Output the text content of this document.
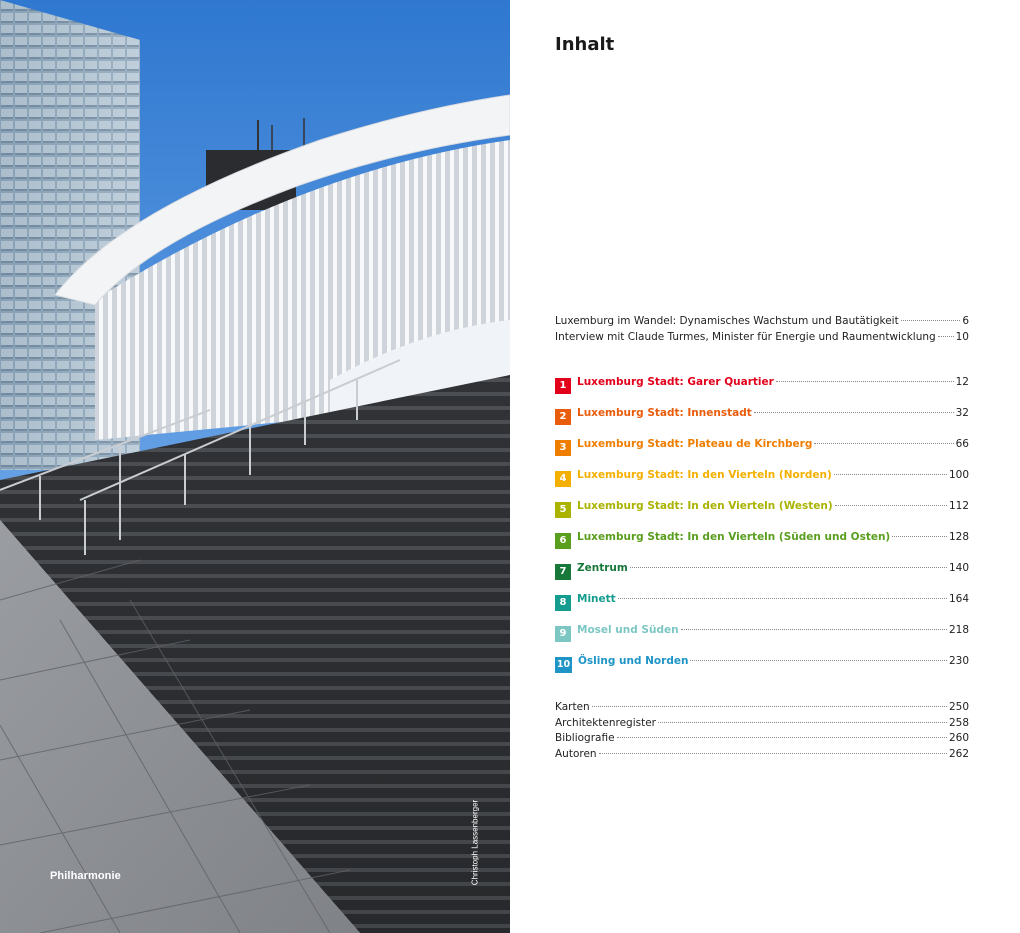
Philharmonie	Christoph Lassenberger
Inhalt
Luxemburg im Wandel: Dynamisches Wachstum und Bautätigkeit	6
Interview mit Claude Turmes, Minister für Energie und Raumentwicklung 10
1	Luxemburg Stadt: Garer Quartier	12
2	Luxemburg Stadt: Innenstadt	32
3	Luxemburg Stadt: Plateau de Kirchberg	66
4	Luxemburg Stadt: In den Vierteln (Norden)	100
5	Luxemburg Stadt: In den Vierteln (Westen)	112
6	Luxemburg Stadt: In den Vierteln (Süden und Osten)	128
7	Zentrum	140
8	Minett	164
9	Mosel und Süden	218
10 Ösling und Norden	230
Karten	250
Architektenregister	258
Bibliografie	260
Autoren	262
